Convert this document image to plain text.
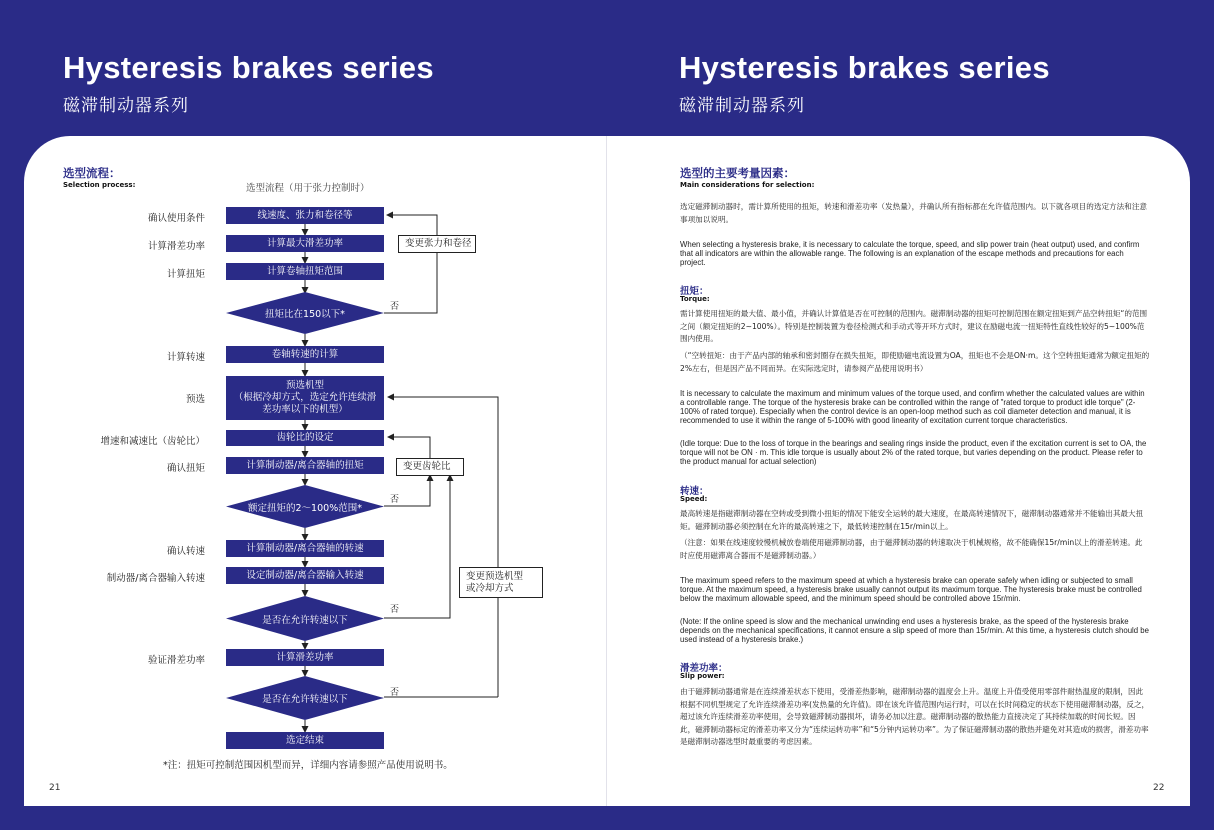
Hysteresis brakes series
磁滞制动器系列
Hysteresis brakes series
磁滞制动器系列
选型流程：
Selection process:	选型流程（用于张力控制时）
确认使用条件
计算滑差功率
计算扭矩
计算转速
预选
增速和减速比（齿轮比）
确认扭矩
确认转速
制动器/离合器输入转速
验证滑差功率
线速度、张力和卷径等
计算最大滑差功率
计算卷轴扭矩范围
扭矩比在150以下*
否
卷轴转速的计算
预选机型
（根据冷却方式，选定允许连续滑差功率以下的机型）
齿轮比的设定
计算制动器/离合器轴的扭矩
额定扭矩的2～100%范围*
否
计算制动器/离合器轴的转速
设定制动器/离合器输入转速
是否在允许转速以下
否
计算滑差功率
是否在允许转速以下
否
选定结束
变更张力和卷径
变更齿轮比
变更预选机型
或冷却方式
*注：扭矩可控制范围因机型而异，详细内容请参照产品使用说明书。
21
选型的主要考量因素：
Main considerations for selection:

选定磁滞制动器时，需计算所使用的扭矩，转速和滑差功率（发热量），并确认所有指标都在允许值范围内。以下就各项目的选定方法和注意事项加以说明。

When selecting a hysteresis brake, it is necessary to calculate the torque, speed, and slip power train (heat output) used, and confirm that all indicators are within the allowable range. The following is an explanation of the escape methods and precautions for each project.

扭矩：
Torque:

需计算使用扭矩的最大值、最小值，并确认计算值是否在可控制的范围内。磁滞制动器的扭矩可控制范围在额定扭矩到产品空转扭矩“的范围之间（额定扭矩的2~100%）。特别是控制装置为卷径检测式和手动式等开环方式时，建议在励磁电流一扭矩特性直线性较好的5~100%范围内使用。

（“空转扭矩：由于产品内部的轴承和密封圈存在损失扭矩，即使励磁电流设置为OA，扭矩也不会是ON·m。这个空转扭矩通常为额定扭矩的2%左右，但是因产品不同而异。在实际选定时，请参阅产品使用说明书）

It is necessary to calculate the maximum and minimum values of the torque used, and confirm whether the calculated values are within a controllable range. The torque of the hysteresis brake can be controlled within the range of "rated torque to product idle torque" (2-100% of rated torque). Especially when the control device is an open-loop method such as coil diameter detection and manual, it is recommended to use it within the range of 5-100% with good linearity of excitation current torque characteristics.

(Idle torque: Due to the loss of torque in the bearings and sealing rings inside the product, even if the excitation current is set to OA, the torque will not be ON · m. This idle torque is usually about 2% of the rated torque, but varies depending on the product. Please refer to the product manual for actual selection)

转速：
Speed:

最高转速是指磁滞制动器在空转或受到微小扭矩的情况下能安全运转的最大速度，在最高转速情况下，磁滞制动器通常并不能输出其最大扭矩。磁滞制动器必须控制在允许的最高转速之下，最低转速控制在15r/min以上。

（注意：如果在线速度较慢机械放卷端使用磁滞制动器，由于磁滞制动器的转速取决于机械规格，故不能确保15r/min以上的滑差转速。此时应使用磁滞离合器而不是磁滞制动器。）

The maximum speed refers to the maximum speed at which a hysteresis brake can operate safely when idling or subjected to small torque. At the maximum speed, a hysteresis brake usually cannot output its maximum torque. The hysteresis brake must be controlled below the maximum allowable speed, and the minimum speed should be controlled above 15r/min.

(Note: If the online speed is slow and the mechanical unwinding end uses a hysteresis brake, as the speed of the hysteresis brake depends on the mechanical specifications, it cannot ensure a slip speed of more than 15r/min. At this time, a hysteresis clutch should be used instead of a hysteresis brake.)

滑差功率：
Slip power:

由于磁滞制动器通常是在连续滑差状态下使用，受滑差热影响，磁滞制动器的温度会上升。温度上升值受使用零部件耐热温度的限制，因此根据不同机型规定了允许连续滑差功率(发热量的允许值)。即在该允许值范围内运行时，可以在长时间稳定的状态下使用磁滞制动器，反之，超过该允许连续滑差功率使用，会导致磁滞制动器损坏，请务必加以注意。磁滞制动器的散热能力直接决定了其持续加载的时间长短。因此，磁滞制动器标定的滑差功率又分为“连续运转功率”和“5分钟内运转功率”。为了保证磁滞制动器的散热并避免对其造成的损害，滑差功率是磁滞制动器选型时最重要的考虑因素。

22
